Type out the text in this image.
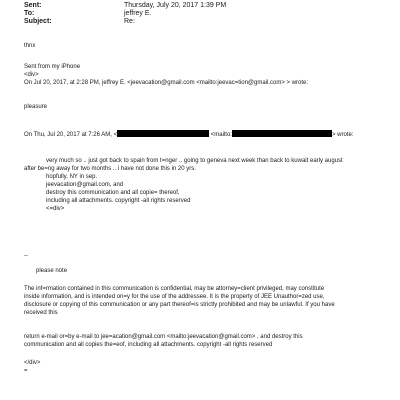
Sent:	Thursday, July 20, 2017 1:39 PM
To:	jeffrey E.
Subject:	Re:
thnx
Sent from my iPhone
<div>
On Jul 20, 2017, at 2:28 PM, jeffrey E. <jeevacation@gmail.com <mailto:jeevac=tion@gmail.com> > wrote:
pleasure
On Thu, Jul 20, 2017 at 7:26 AM, <	<mailto:	> wrote:
very much so .. just got back to spain from t=nger .. going to geneva next week than back to kuwait early august
after be=ng away for two months .. i have not done this in 20 yrs.
hopfully, NY in sep.
jeevacation@gmail.com, and
destroy this communication and all copie= thereof,
including all attachments. copyright -all rights reserved
<=div>
--
please note
The inf=rmation contained in this communication is confidential, may be attorney=client privileged, may constitute
inside information, and is intended on=y for the use of the addressee. It is the property of JEE Unauthor=zed use,
disclosure or copying of this communication or any part thereof=is strictly prohibited and may be unlawful. If you have
received this
return e-mail or=by e-mail to jee=acation@gmail.com <mailto:jeevacation@gmail.com> , and destroy this
communication and all copies the=eof, including all attachments. copyright -all rights reserved
</div>
=
